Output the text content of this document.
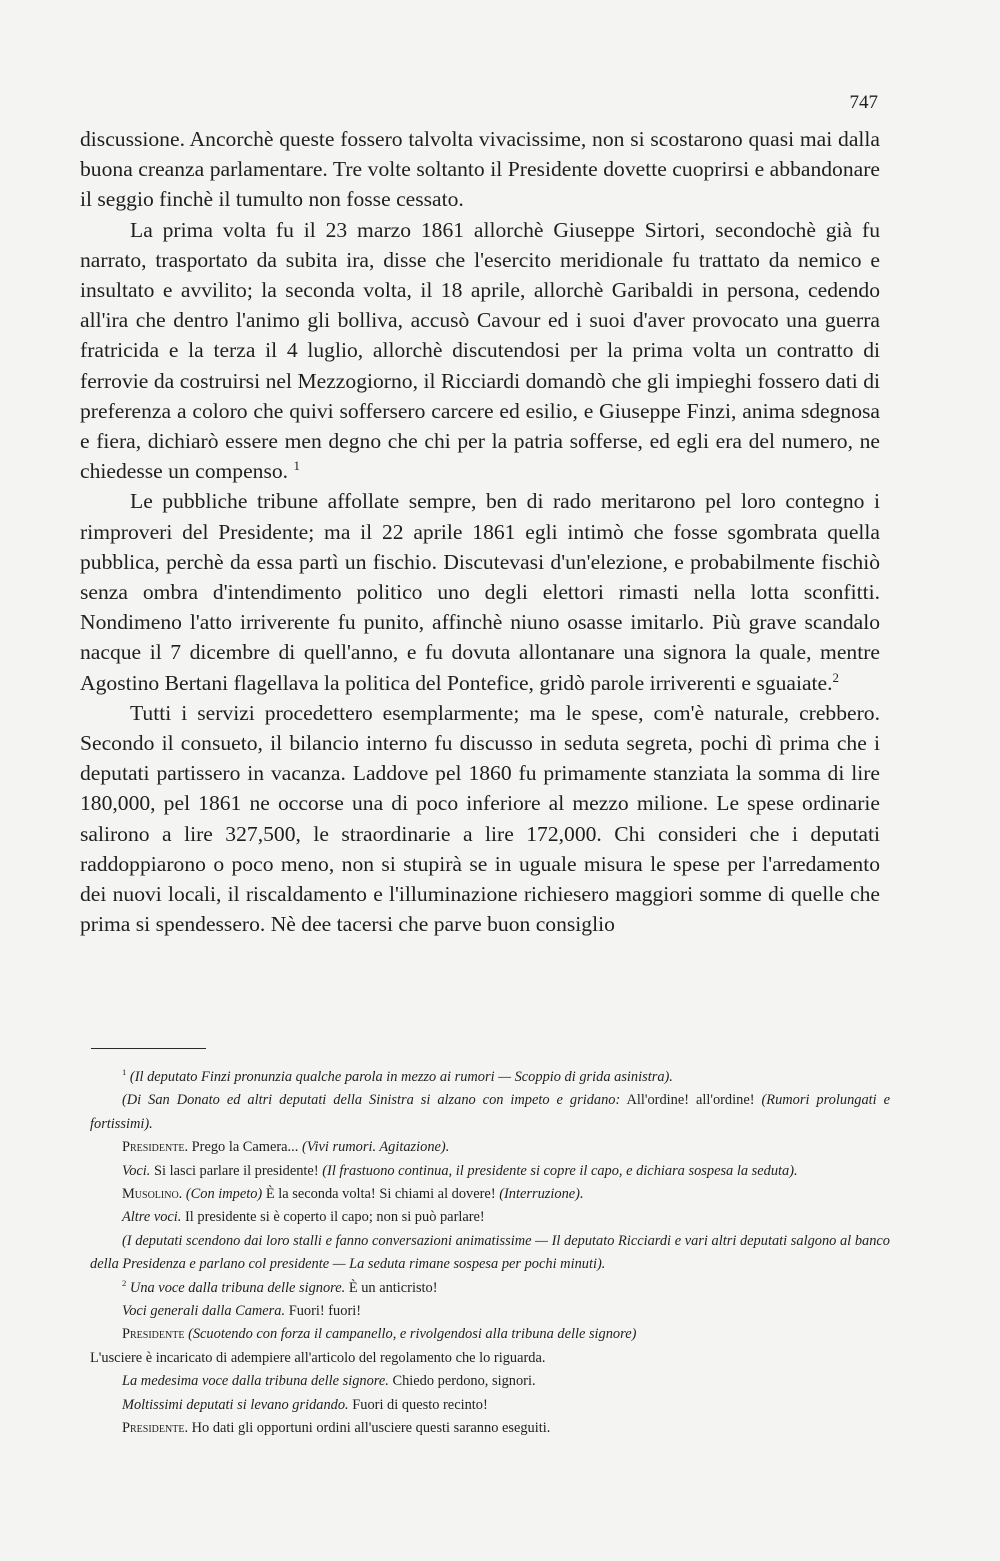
747

discussione. Ancorchè queste fossero talvolta vivacissime, non si scostarono quasi mai dalla buona creanza parlamentare. Tre volte soltanto il Presidente dovette cuoprirsi e abbandonare il seggio finchè il tumulto non fosse cessato.

La prima volta fu il 23 marzo 1861 allorchè Giuseppe Sirtori, secondochè già fu narrato, trasportato da subita ira, disse che l'esercito meridionale fu trattato da nemico e insultato e avvilito; la seconda volta, il 18 aprile, allorchè Garibaldi in persona, cedendo all'ira che dentro l'animo gli bolliva, accusò Cavour ed i suoi d'aver provocato una guerra fratricida e la terza il 4 luglio, allorchè discutendosi per la prima volta un contratto di ferrovie da costruirsi nel Mezzogiorno, il Ricciardi domandò che gli impieghi fossero dati di preferenza a coloro che quivi soffersero carcere ed esilio, e Giuseppe Finzi, anima sdegnosa e fiera, dichiarò essere men degno che chi per la patria sofferse, ed egli era del numero, ne chiedesse un compenso. $^1$

Le pubbliche tribune affollate sempre, ben di rado meritarono pel loro contegno i rimproveri del Presidente; ma il 22 aprile 1861 egli intimò che fosse sgombrata quella pubblica, perchè da essa partì un fischio. Discutevasi d'un'elezione, e probabilmente fischiò senza ombra d'intendimento politico uno degli elettori rimasti nella lotta sconfitti. Nondimeno l'atto irriverente fu punito, affinchè niuno osasse imitarlo. Più grave scandalo nacque il 7 dicembre di quell'anno, e fu dovuta allontanare una signora la quale, mentre Agostino Bertani flagellava la politica del Pontefice, gridò parole irriverenti e sguaiate.$^2$

Tutti i servizi procedettero esemplarmente; ma le spese, com'è naturale, crebbero. Secondo il consueto, il bilancio interno fu discusso in seduta segreta, pochi dì prima che i deputati partissero in vacanza. Laddove pel 1860 fu primamente stanziata la somma di lire 180,000, pel 1861 ne occorse una di poco inferiore al mezzo milione. Le spese ordinarie salirono a lire 327,500, le straordinarie a lire 172,000. Chi consideri che i deputati raddoppiarono o poco meno, non si stupirà se in uguale misura le spese per l'arredamento dei nuovi locali, il riscaldamento e l'illuminazione richiesero maggiori somme di quelle che prima si spendessero. Nè dee tacersi che parve buon consiglio

$^1$ (Il deputato Finzi pronunzia qualche parola in mezzo ai rumori — Scoppio di grida asinistra).

(Di San Donato ed altri deputati della Sinistra si alzano con impeto e gridano: All'ordine! all'ordine! (Rumori prolungati e fortissimi).

Presidente. Prego la Camera... (Vivi rumori. Agitazione).

Voci. Si lasci parlare il presidente! (Il frastuono continua, il presidente si copre il capo, e dichiara sospesa la seduta).

Musolino. (Con impeto) È la seconda volta! Si chiami al dovere! (Interruzione).

Altre voci. Il presidente si è coperto il capo; non si può parlare!

(I deputati scendono dai loro stalli e fanno conversazioni animatissime — Il deputato Ricciardi e vari altri deputati salgono al banco della Presidenza e parlano col presidente — La seduta rimane sospesa per pochi minuti).

$^2$ Una voce dalla tribuna delle signore. È un anticristo!

Voci generali dalla Camera. Fuori! fuori!

Presidente (Scuotendo con forza il campanello, e rivolgendosi alla tribuna delle signore)

L'usciere è incaricato di adempiere all'articolo del regolamento che lo riguarda.

La medesima voce dalla tribuna delle signore. Chiedo perdono, signori.

Moltissimi deputati si levano gridando. Fuori di questo recinto!

Presidente. Ho dati gli opportuni ordini all'usciere questi saranno eseguiti.
